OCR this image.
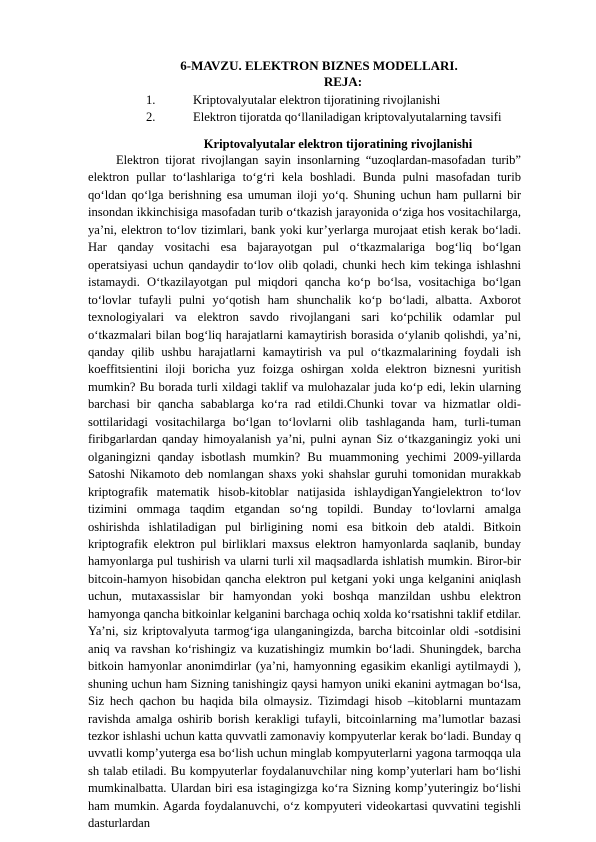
6-MAVZU. ELEKTRON BIZNES MODELLARI.
REJA:
1.	Kriptovalyutalar elektron tijoratining rivojlanishi
2.	Elektron tijoratda qo‘llaniladigan kriptovalyutalarning tavsifi
Kriptovalyutalar elektron tijoratining rivojlanishi

Elektron tijorat rivojlangan sayin insonlarning “uzoqlardan-masofadan turib” elektron pullar to‘lashlariga to‘g‘ri kela boshladi. Bunda pulni masofadan turib qo‘ldan qo‘lga berishning esa umuman iloji yo‘q. Shuning uchun ham pullarni bir insondan ikkinchisiga masofadan turib o‘tkazish jarayonida o‘ziga hos vositachilarga, ya’ni, elektron to‘lov tizimlari, bank yoki kur’yerlarga murojaat etish kerak bo‘ladi. Har qanday vositachi esa bajarayotgan pul o‘tkazmalariga bog‘liq bo‘lgan operatsiyasi uchun qandaydir to‘lov olib qoladi, chunki hech kim tekinga ishlashni istamaydi. O‘tkazilayotgan pul miqdori qancha ko‘p bo‘lsa, vositachiga bo‘lgan to‘lovlar tufayli pulni yo‘qotish ham shunchalik ko‘p bo‘ladi, albatta. Axborot texnologiyalari va elektron savdo rivojlangani sari ko‘pchilik odamlar pul o‘tkazmalari bilan bog‘liq harajatlarni kamaytirish borasida o‘ylanib qolishdi, ya’ni, qanday qilib ushbu harajatlarni kamaytirish va pul o‘tkazmalarining foydali ish koeffitsientini iloji boricha yuz foizga oshirgan xolda elektron biznesni yuritish mumkin? Bu borada turli xildagi taklif va mulohazalar juda ko‘p edi, lekin ularning barchasi bir qancha sabablarga ko‘ra rad etildi.Chunki tovar va hizmatlar oldi-sottilaridagi vositachilarga bo‘lgan to‘lovlarni olib tashlaganda ham, turli-tuman firibgarlardan qanday himoyalanish ya’ni, pulni aynan Siz o‘tkazganingiz yoki uni olganingizni qanday isbotlash mumkin? Bu muammoning yechimi 2009-yillarda Satoshi Nikamoto deb nomlangan shaxs yoki shahslar guruhi tomonidan murakkab kriptografik matematik hisob-kitoblar natijasida ishlaydiganYangielektron to‘lov tizimini ommaga taqdim etgandan so‘ng topildi. Bunday to‘lovlarni amalga oshirishda ishlatiladigan pul birligining nomi esa bitkoin deb ataldi. Bitkoin kriptografik elektron pul birliklari maxsus elektron hamyonlarda saqlanib, bunday hamyonlarga pul tushirish va ularni turli xil maqsadlarda ishlatish mumkin. Biror-bir bitcoin-hamyon hisobidan qancha elektron pul ketgani yoki unga kelganini aniqlash uchun, mutaxassislar bir hamyondan yoki boshqa manzildan ushbu elektron hamyonga qancha bitkoinlar kelganini barchaga ochiq xolda ko‘rsatishni taklif etdilar. Ya’ni, siz kriptovalyuta tarmog‘iga ulanganingizda, barcha bitcoinlar oldi -sotdisini aniq va ravshan ko‘rishingiz va kuzatishingiz mumkin bo‘ladi. Shuningdek, barcha bitkoin hamyonlar anonimdirlar (ya’ni, hamyonning egasikim ekanligi aytilmaydi ), shuning uchun ham Sizning tanishingiz qaysi hamyon uniki ekanini aytmagan bo‘lsa, Siz hech qachon bu haqida bila olmaysiz. Tizimdagi hisob –kitoblarni muntazam ravishda amalga oshirib borish kerakligi tufayli, bitcoinlarning ma’lumotlar bazasi tezkor ishlashi uchun katta quvvatli zamonaviy kompyuterlar kerak bo‘ladi. Bunday q uvvatli komp’yuterga esa bo‘lish uchun minglab kompyuterlarni yagona tarmoqqa ula sh talab etiladi. Bu kompyuterlar foydalanuvchilar ning komp’yuterlari ham bo‘lishi mumkinalbatta. Ulardan biri esa istagingizga ko‘ra Sizning komp’yuteringiz bo‘lishi ham mumkin. Agarda foydalanuvchi, o‘z kompyuteri videokartasi quvvatini tegishli dasturlardan
